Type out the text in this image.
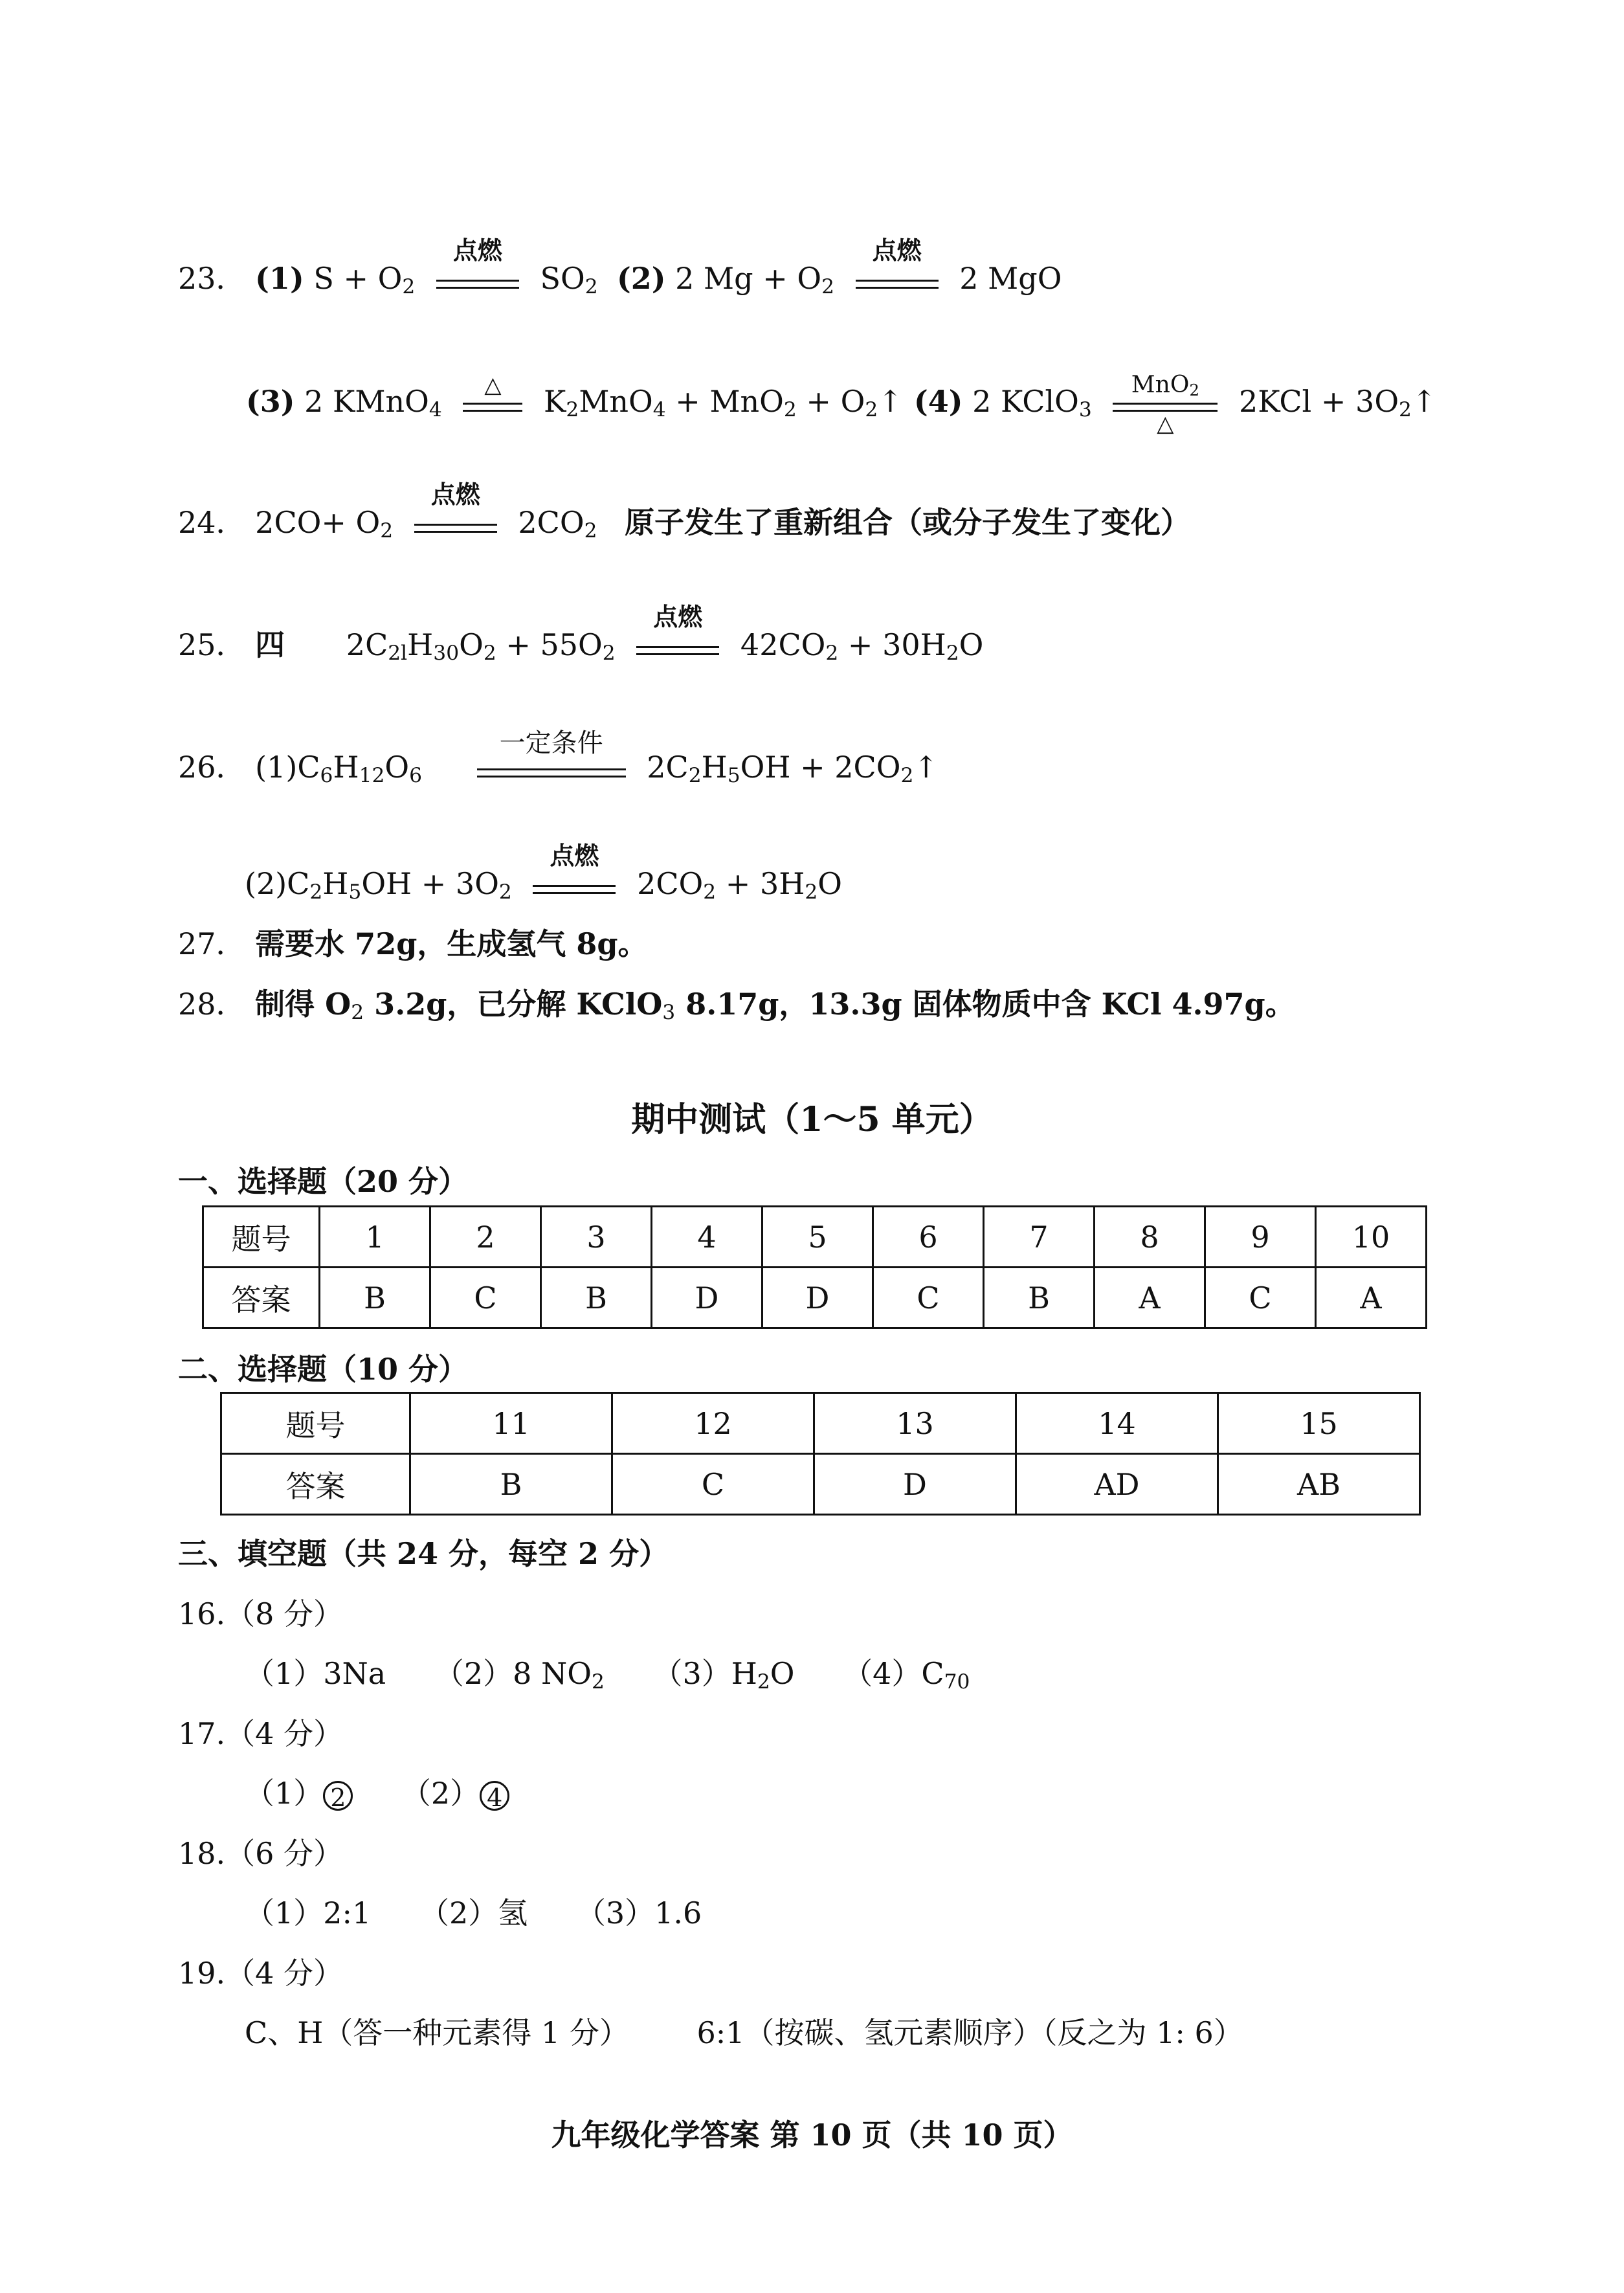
23． (1) $S + O_2$
点燃
$SO_2$ (2) 2 $Mg + O_2$
点燃
2 MgO
(3) 2 KMnO$_4$
△	$K_2MnO_4 + MnO_2$ + $O_2↑$ (4) 2 KClO$_3$
MnO$_2$
△
$2KCl + 3O_2↑$
24． $2CO+ O_2$
点燃
$2CO_2$ 原子发生了重新组合（或分子发生了变化）
25． 四 $2C_{2l}H_{30}O_2 + 55O_2$
点燃
$42CO_2 + 30H_2O$
26． $(1)C_6H_{12}O_6$
一定条件
$2C_2H_5OH$ + $2CO_2↑$
$(2)C_2H_5OH + 3O_2$
点燃
$2CO_2 + 3H_2O$
27． 需要水 72g，生成氢气 8g。
28． 制得 $O_2$ 3.2g，已分解 KClO$_3$ 8.17g，13.3g 固体物质中含 KCl 4.97g。
期中测试（1～5 单元）
一、选择题（20 分）
题号	1	2	3	4	5	6	7	8	9	10
答案	B	C	B	D	D	C	B	A	C	A
二、选择题（10 分）
题号	11	12	13	14	15
答案	B	C	D	AD	AB
三、填空题（共 24 分，每空 2 分）
16.（8 分）
（1）3Na （2）8 $NO_2$ $(3)H_2O$ $(4)C_{70}$
17.（4 分）
（1） 2 （2） 4
18.（6 分）
（1）2:1 （2）氢 （3）1.6
19.（4 分）
C、H（答一种元素得 1 分） 6:1（按碳、氢元素顺序）（反之为 1: 6）
九年级化学答案 第 10 页（共 10 页）
